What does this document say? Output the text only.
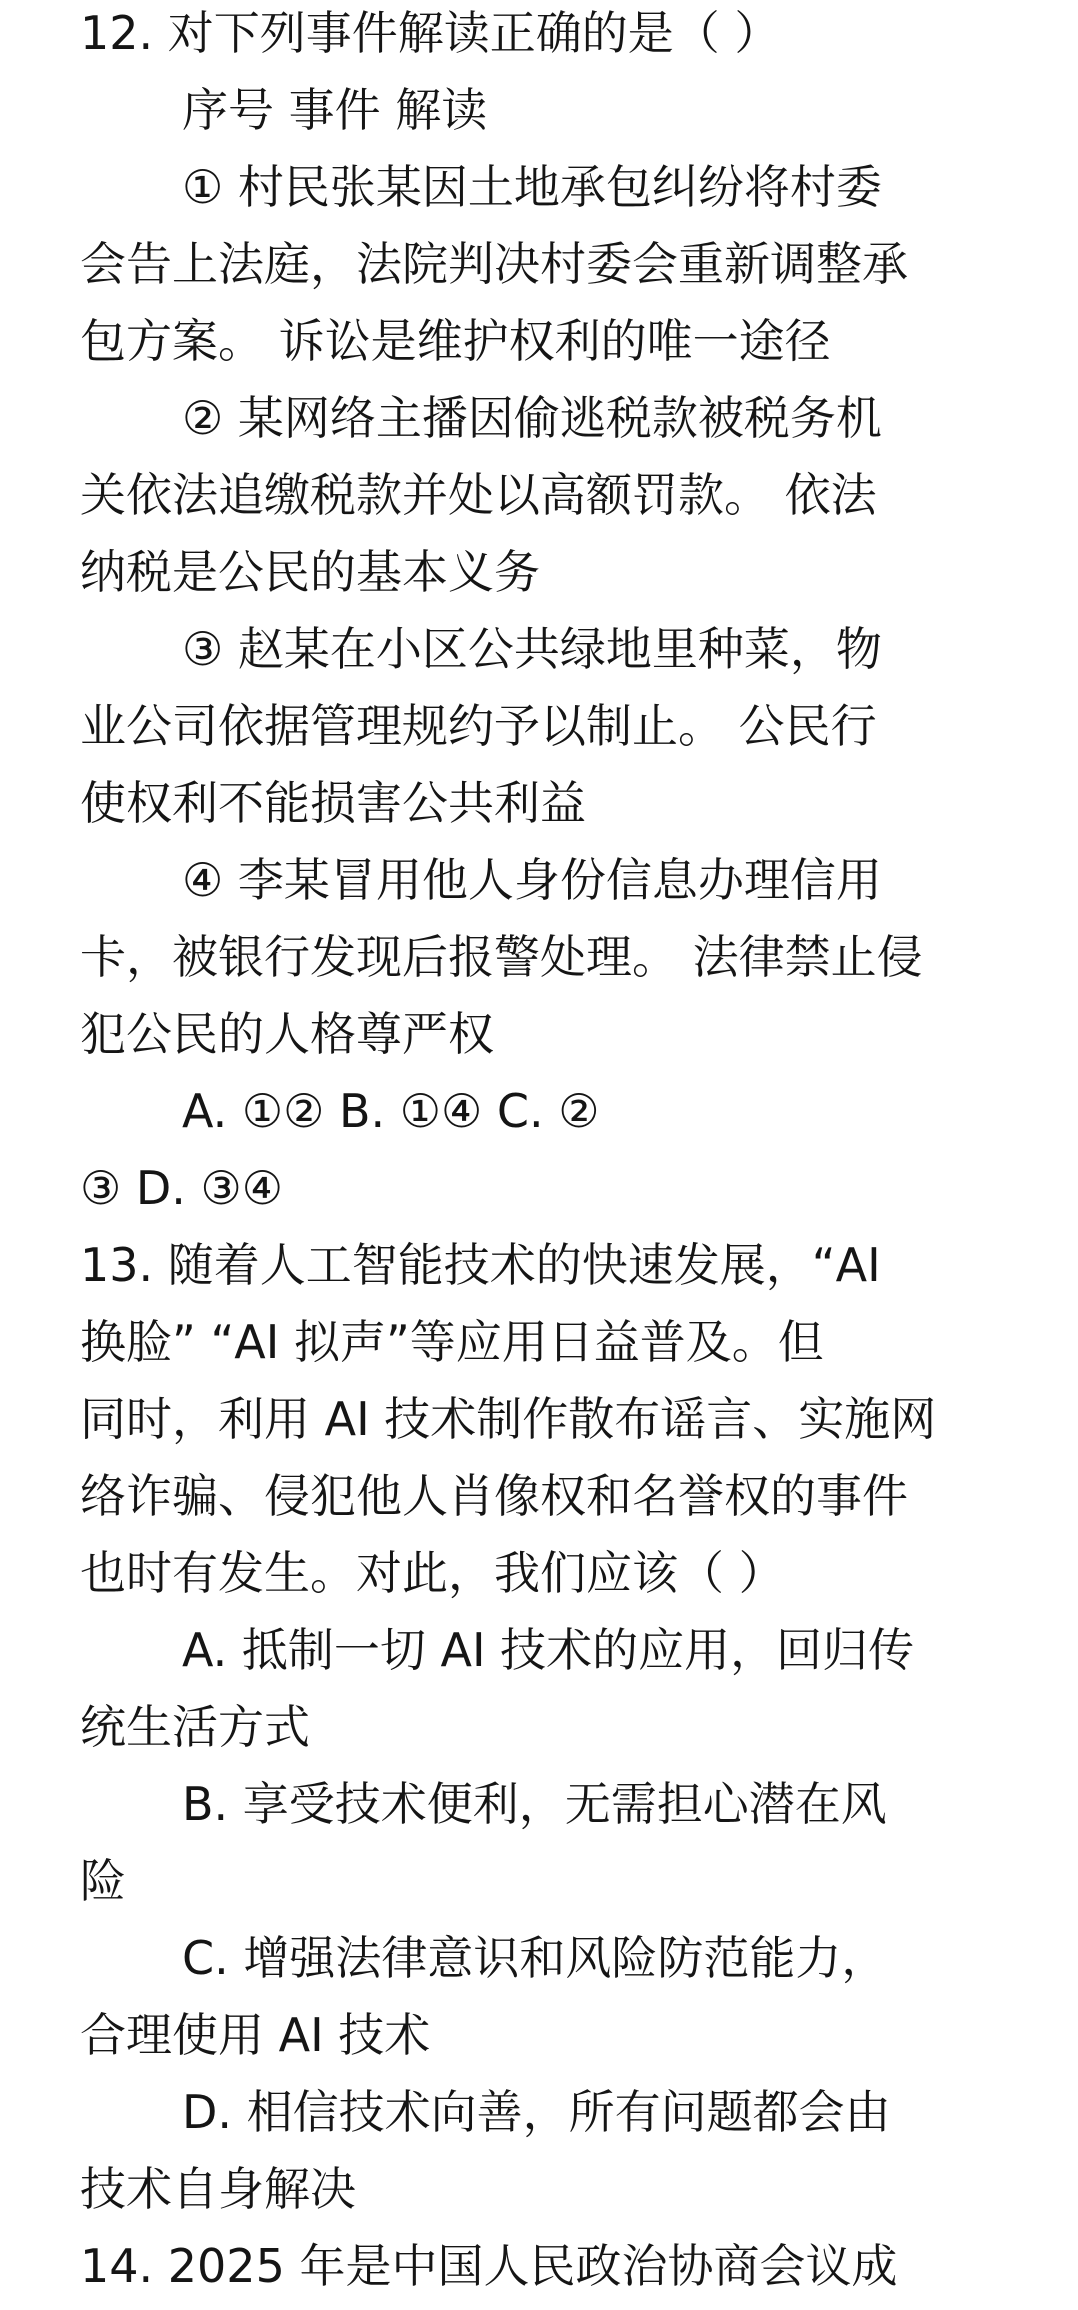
12. 对下列事件解读正确的是（ ）
序号 事件 解读
① 村民张某因土地承包纠纷将村委
会告上法庭，法院判决村委会重新调整承
包方案。 诉讼是维护权利的唯一途径
② 某网络主播因偷逃税款被税务机
关依法追缴税款并处以高额罚款。 依法
纳税是公民的基本义务
③ 赵某在小区公共绿地里种菜，物
业公司依据管理规约予以制止。 公民行
使权利不能损害公共利益
④ 李某冒用他人身份信息办理信用
卡，被银行发现后报警处理。 法律禁止侵
犯公民的人格尊严权
A. ①② B. ①④ C. ②
③ D. ③④
13. 随着人工智能技术的快速发展，“AI
换脸” “AI 拟声”等应用日益普及。但
同时，利用 AI 技术制作散布谣言、实施网
络诈骗、侵犯他人肖像权和名誉权的事件
也时有发生。对此，我们应该（ ）
A. 抵制一切 AI 技术的应用，回归传
统生活方式
B. 享受技术便利，无需担心潜在风
险
C. 增强法律意识和风险防范能力，
合理使用 AI 技术
D. 相信技术向善，所有问题都会由
技术自身解决
14. 2025 年是中国人民政治协商会议成
